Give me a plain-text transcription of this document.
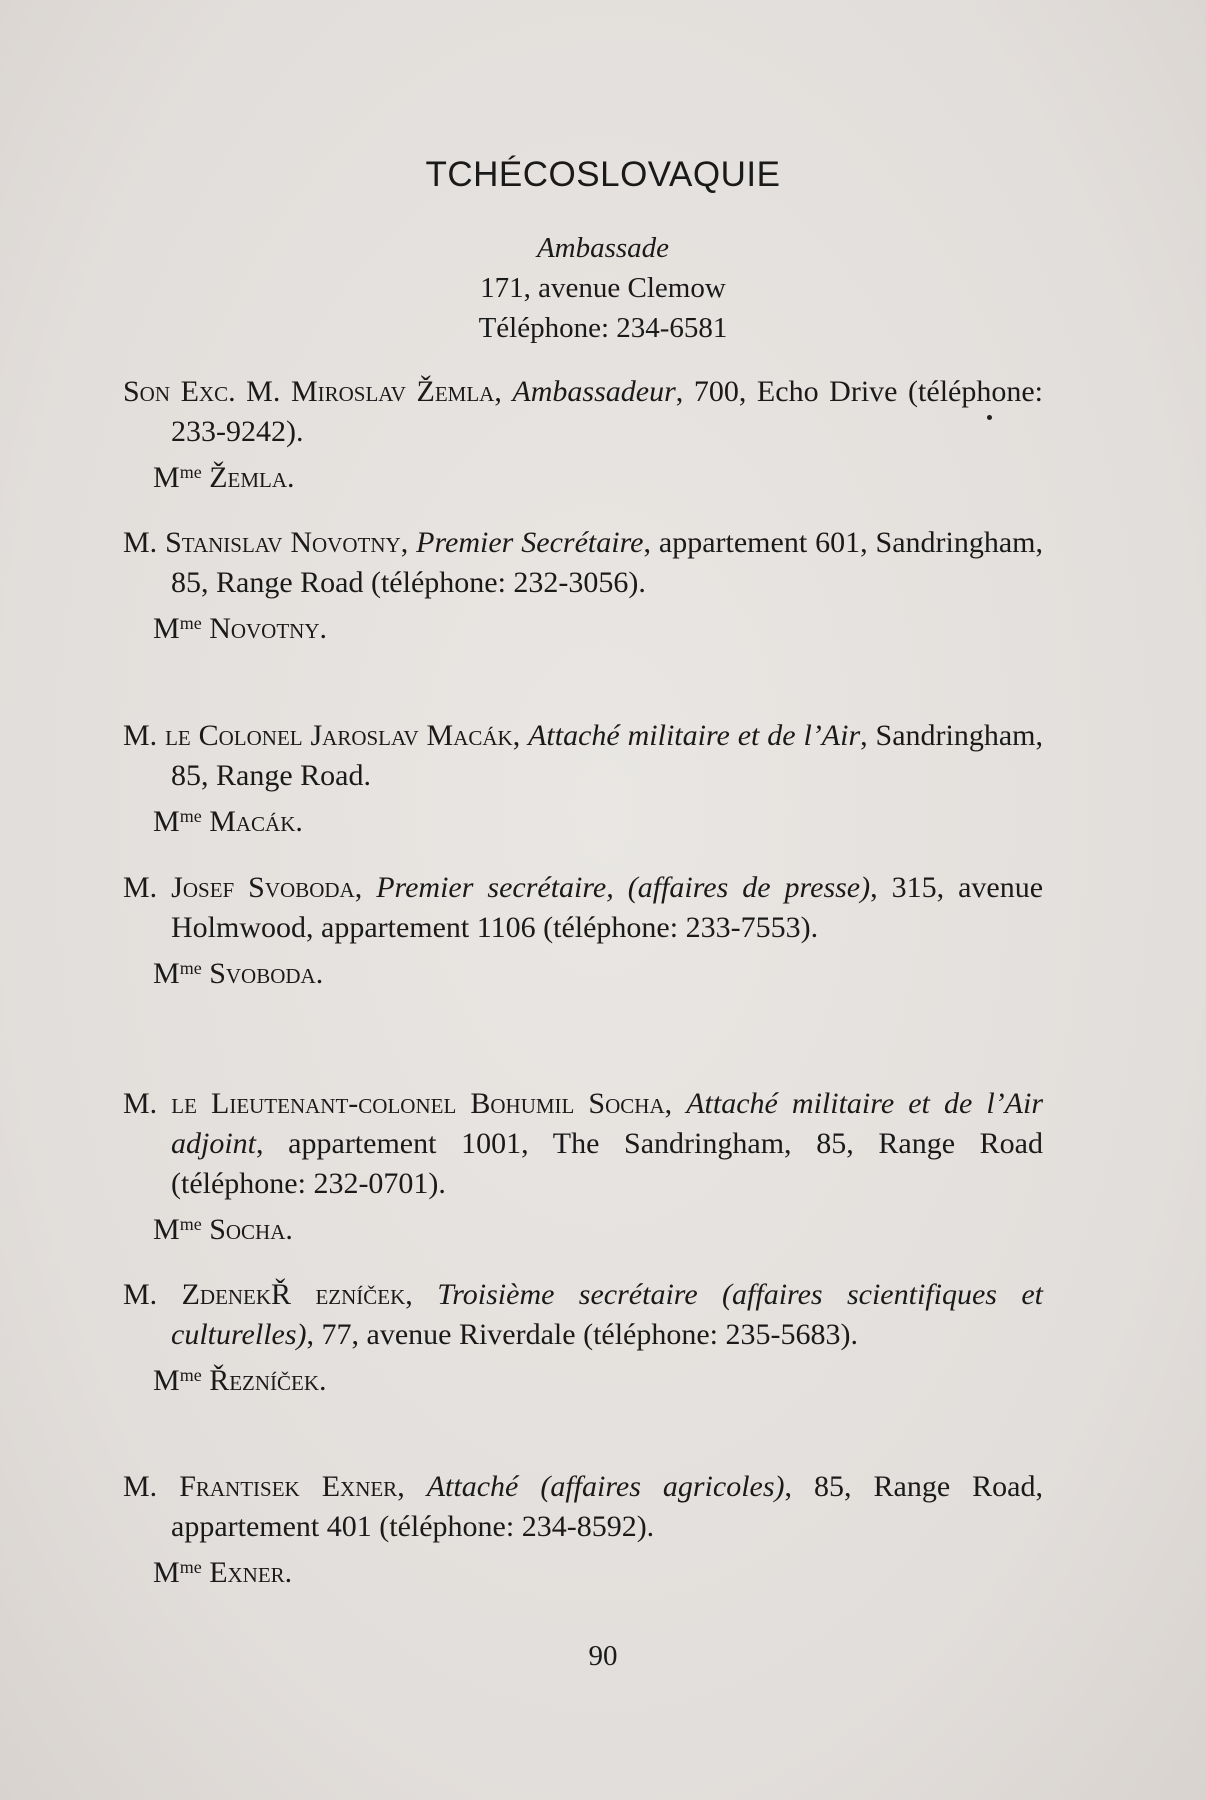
TCHÉCOSLOVAQUIE
Ambassade
171, avenue Clemow
Téléphone: 234-6581
Son Exc. M. Miroslav Žemla, Ambassadeur, 700, Echo Drive (téléphone: 233-9242).
$M^{me}$ Žemla.
M. Stanislav Novotny, Premier Secrétaire, appartement 601, Sandringham, 85, Range Road (téléphone: 232-3056).
$M^{me}$ Novotny.
M. le Colonel Jaroslav Macák, Attaché militaire et de l’Air, Sandringham, 85, Range Road.
$M^{me}$ Macák.
M. Josef Svoboda, Premier secrétaire, (affaires de presse), 315, avenue Holmwood, appartement 1106 (téléphone: 233-7553).
$M^{me}$ Svoboda.
M. le Lieutenant-colonel Bohumil Socha, Attaché militaire et de l’Air adjoint, appartement 1001, The Sandringham, 85, Range Road (téléphone: 232-0701).
$M^{me}$ Socha.
M. ZdenekŘ ezníček, Troisième secrétaire (affaires scientifiques et culturelles), 77, avenue Riverdale (téléphone: 235-5683).
$M^{me}$ Řezníček.
M. Frantisek Exner, Attaché (affaires agricoles), 85, Range Road, appartement 401 (téléphone: 234-8592).
$M^{me}$ Exner.
90
